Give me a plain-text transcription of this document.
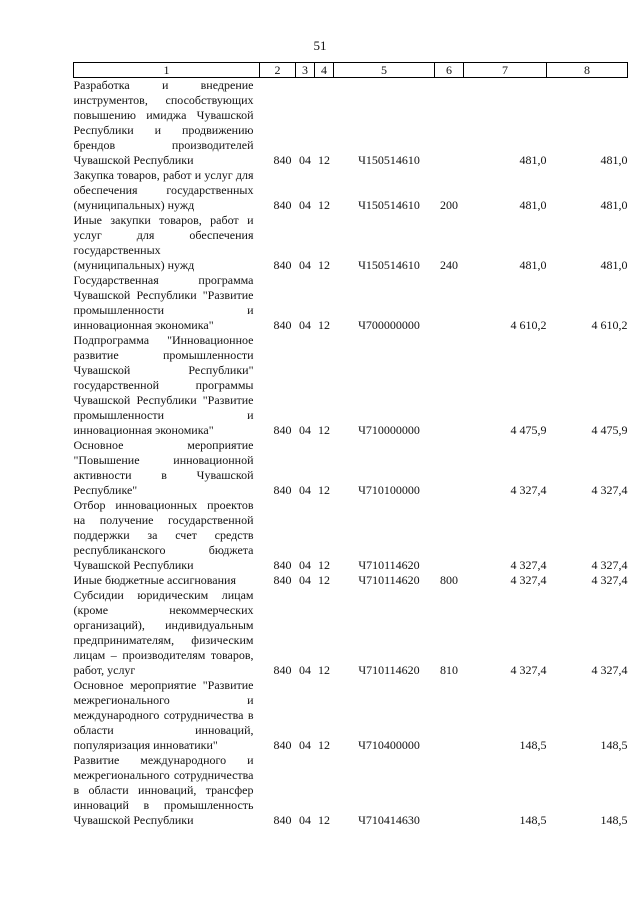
51
1	2	3	4	5	6	7	8
Разработка и внедрение инструментов, способствующих повышению имиджа Чувашской Республики и продвижению брендов производителей Чувашской Республики	840	04	12	Ч150514610		481,0	481,0
Закупка товаров, работ и услуг для обеспечения государственных (муниципальных) нужд	840	04	12	Ч150514610	200	481,0	481,0
Иные закупки товаров, работ и услуг для обеспечения государственных (муниципальных) нужд	840	04	12	Ч150514610	240	481,0	481,0
Государственная программа Чувашской Республики "Развитие промышленности и инновационная экономика"	840	04	12	Ч700000000		4 610,2	4 610,2
Подпрограмма "Инновационное развитие промышленности Чувашской Республики" государственной программы Чувашской Республики "Развитие промышленности и инновационная экономика"	840	04	12	Ч710000000		4 475,9	4 475,9
Основное мероприятие "Повышение инновационной активности в Чувашской Республике"	840	04	12	Ч710100000		4 327,4	4 327,4
Отбор инновационных проектов на получение государственной поддержки за счет средств республиканского бюджета Чувашской Республики	840	04	12	Ч710114620		4 327,4	4 327,4
Иные бюджетные ассигнования	840	04	12	Ч710114620	800	4 327,4	4 327,4
Субсидии юридическим лицам (кроме некоммерческих организаций), индивидуальным предпринимателям, физическим лицам – производителям товаров, работ, услуг	840	04	12	Ч710114620	810	4 327,4	4 327,4
Основное мероприятие "Развитие межрегионального и международного сотрудничества в области инноваций, популяризация инноватики"	840	04	12	Ч710400000		148,5	148,5
Развитие международного и межрегионального сотрудничества в области инноваций, трансфер инноваций в промышленность Чувашской Республики	840	04	12	Ч710414630		148,5	148,5
